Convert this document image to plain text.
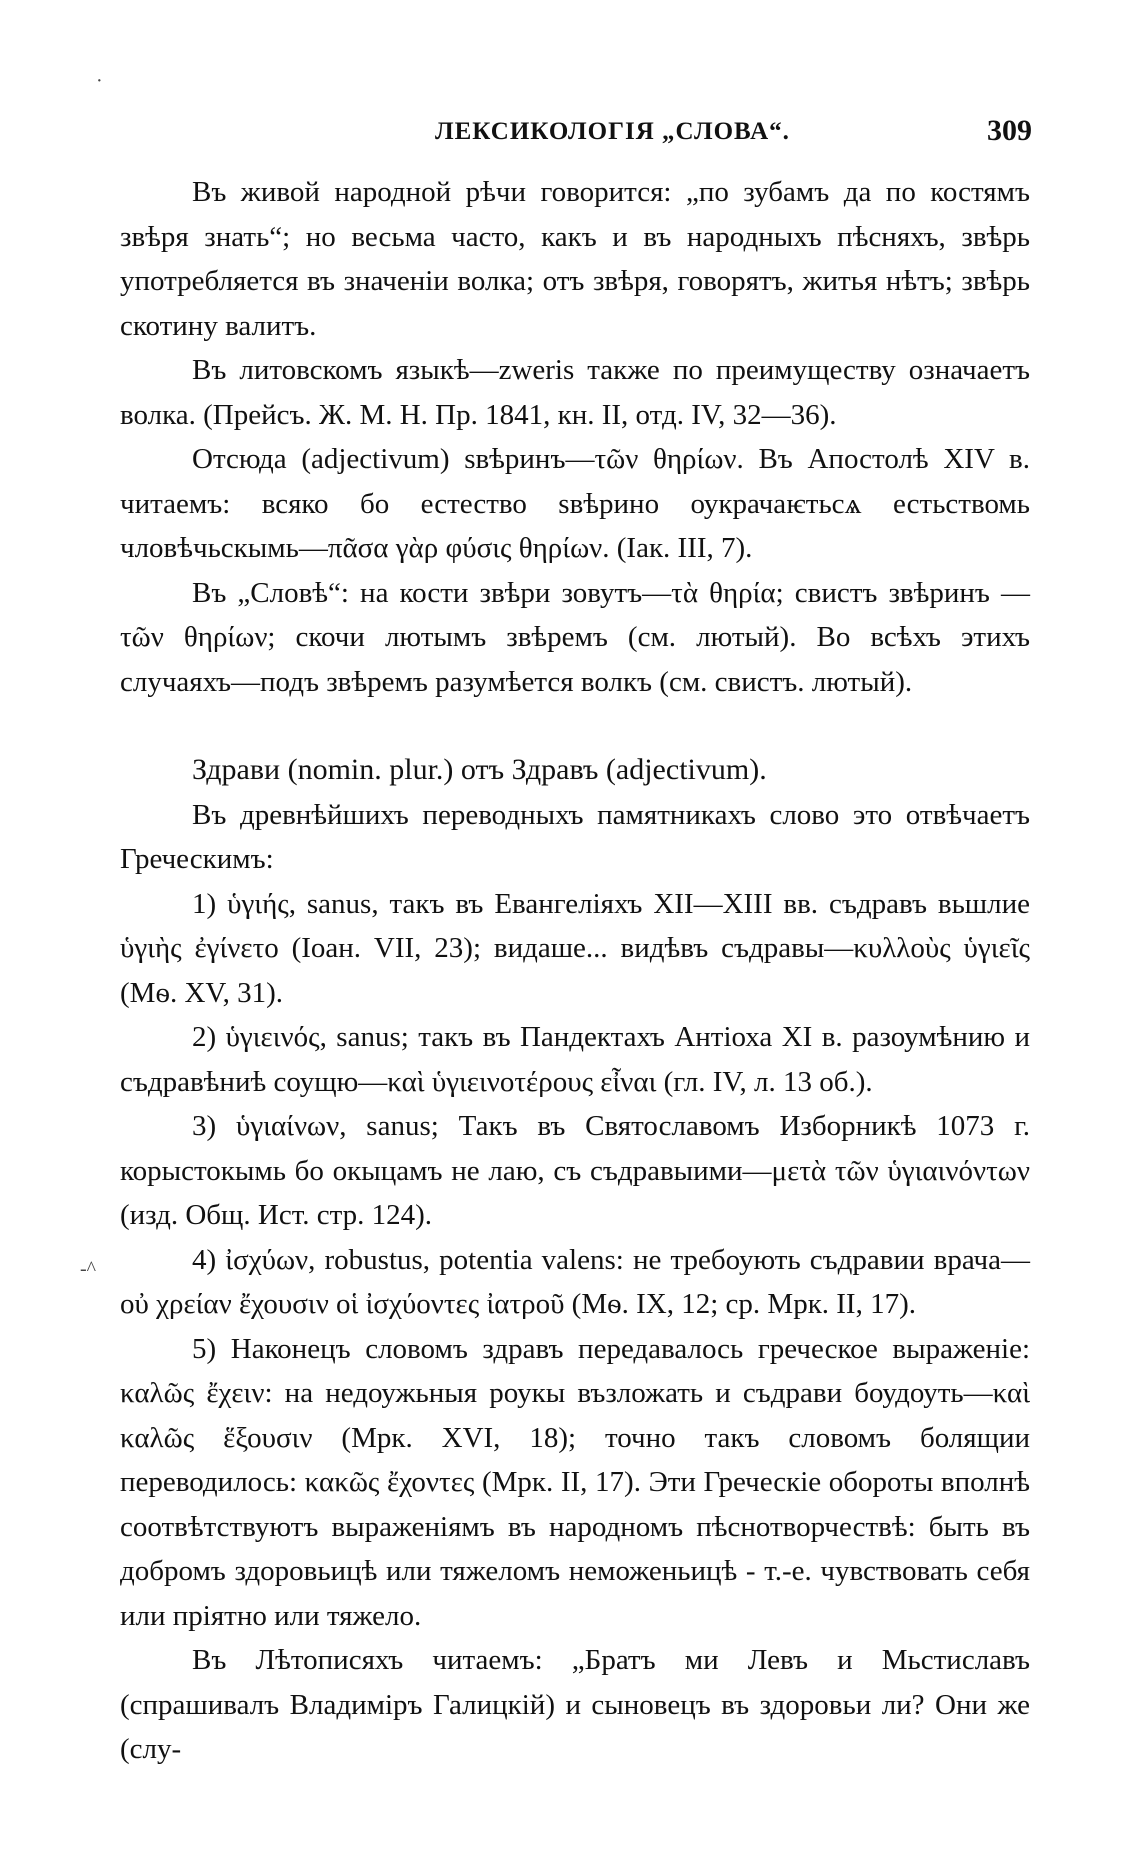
·
-^
ЛЕКСИКОЛОГІЯ „СЛОВА“.	309

Въ живой народной рѣчи говорится: „по зубамъ да по костямъ звѣря знать“; но весьма часто, какъ и въ народныхъ пѣсняхъ, звѣрь употребляется въ значеніи волка; отъ звѣря, говорятъ, житья нѣтъ; звѣрь скотину валитъ.

Въ литовскомъ языкѣ—zweris также по преимуществу означаетъ волка. (Прейсъ. Ж. М. Н. Пр. 1841, кн. II, отд. IV, 32—36).

Отсюда (adjectivum) ѕвѣринъ—τῶν θηρίων. Въ Апостолѣ XIV в. читаемъ: всяко бо естество ѕвѣрино оукрачаѥтьсѧ естьствомь чловѣчьскымь—πᾶσα γὰρ φύσις θηρίων. (Iак. III, 7).

Въ „Словѣ“: на кости звѣри зовутъ—τὰ θηρία; свистъ звѣринъ —τῶν θηρίων; скочи лютымъ звѣремъ (см. лютый). Во всѣхъ этихъ случаяхъ—подъ звѣремъ разумѣется волкъ (см. свистъ. лютый).

Здрави (nomin. plur.) отъ Здравъ (adjectivum).

Въ древнѣйшихъ переводныхъ памятникахъ слово это отвѣчаетъ Греческимъ:

1) ὑγιής, sanus, такъ въ Евангеліяхъ XII—XIII вв. съдравъ вьшлие ὑγιὴς ἐγίνετο (Іоан. VII, 23); видаше... видѣвъ съдравы—κυλλοὺς ὑγιεῖς (Мѳ. XV, 31).

2) ὑγιεινός, sanus; такъ въ Пандектахъ Антіоха XI в. разоумѣнию и съдравѣниѣ соущю—καὶ ὑγιεινοτέρους εἶναι (гл. IV, л. 13 об.).

3) ὑγιαίνων, sanus; Такъ въ Святославомъ Изборникѣ 1073 г. корыстокымь бо окыцамъ не лаю, съ съдравыими—μετὰ τῶν ὑγιαινόντων (изд. Общ. Ист. стр. 124).

4) ἰσχύων, robustus, potentia valens: не требоують съдравии врача—οὐ χρείαν ἔχουσιν οἱ ἰσχύοντες ἰατροῦ (Мѳ. IX, 12; ср. Мрк. II, 17).

5) Наконецъ словомъ здравъ передавалось греческое выраженіе: καλῶς ἔχειν: на недоужьныя роукы възложать и съдрави боудоуть—καὶ καλῶς ἕξουσιν (Мрк. XVI, 18); точно такъ словомъ болящии переводилось: κακῶς ἔχοντες (Мрк. II, 17). Эти Греческіе обороты вполнѣ соотвѣтствуютъ выраженіямъ въ народномъ пѣснотворчествѣ: быть въ добромъ здоровьицѣ или тяжеломъ неможеньицѣ - т.-е. чувствовать себя или пріятно или тяжело.

Въ Лѣтописяхъ читаемъ: „Братъ ми Левъ и Мьстиславъ (спрашивалъ Владиміръ Галицкій) и сыновецъ въ здоровьи ли? Они же (слу-
